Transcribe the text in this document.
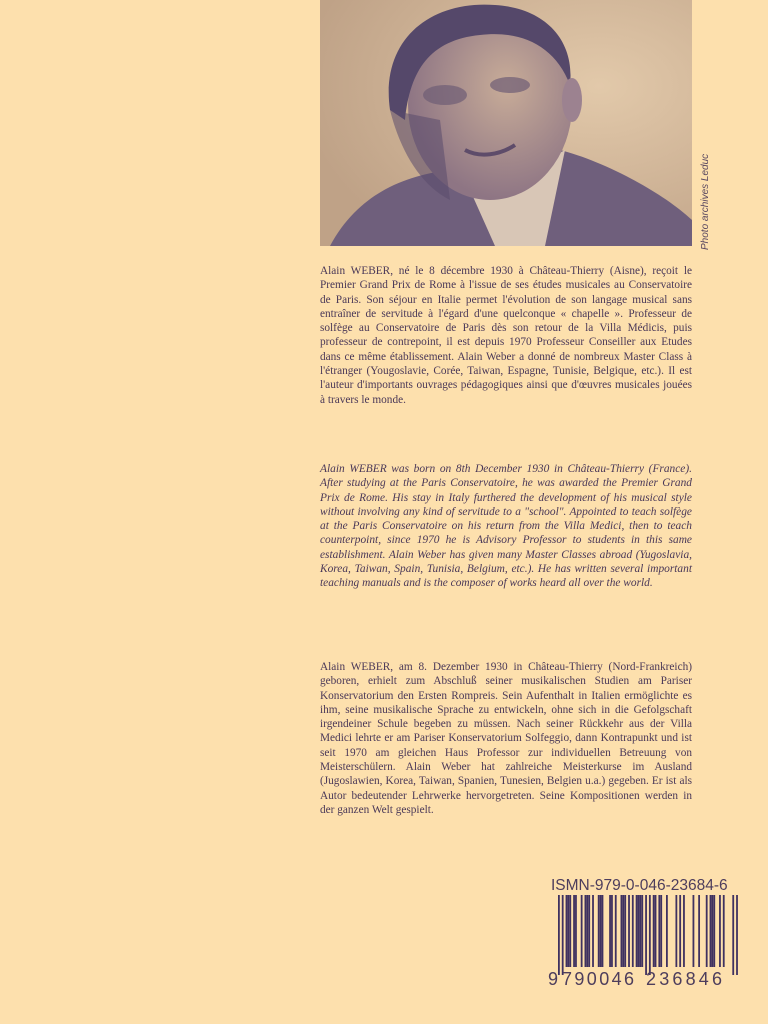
Photo archives Leduc

Alain WEBER, né le 8 décembre 1930 à Château-Thierry (Aisne), reçoit le Premier Grand Prix de Rome à l'issue de ses études musicales au Conservatoire de Paris. Son séjour en Italie permet l'évolution de son langage musical sans entraîner de servitude à l'égard d'une quelconque « chapelle ». Professeur de solfège au Conservatoire de Paris dès son retour de la Villa Médicis, puis professeur de contrepoint, il est depuis 1970 Professeur Conseiller aux Etudes dans ce même établissement. Alain Weber a donné de nombreux Master Class à l'étranger (Yougoslavie, Corée, Taiwan, Espagne, Tunisie, Belgique, etc.). Il est l'auteur d'importants ouvrages pédagogiques ainsi que d'œuvres musicales jouées à travers le monde.

Alain WEBER was born on 8th December 1930 in Château-Thierry (France). After studying at the Paris Conservatoire, he was awarded the Premier Grand Prix de Rome. His stay in Italy furthered the development of his musical style without involving any kind of servitude to a "school". Appointed to teach solfège at the Paris Conservatoire on his return from the Villa Medici, then to teach counterpoint, since 1970 he is Advisory Professor to students in this same establishment. Alain Weber has given many Master Classes abroad (Yugoslavia, Korea, Taiwan, Spain, Tunisia, Belgium, etc.). He has written several important teaching manuals and is the composer of works heard all over the world.

Alain WEBER, am 8. Dezember 1930 in Château-Thierry (Nord-Frankreich) geboren, erhielt zum Abschluß seiner musikalischen Studien am Pariser Konservatorium den Ersten Rompreis. Sein Aufenthalt in Italien ermöglichte es ihm, seine musikalische Sprache zu entwickeln, ohne sich in die Gefolgschaft irgendeiner Schule begeben zu müssen. Nach seiner Rückkehr aus der Villa Medici lehrte er am Pariser Konservatorium Solfeggio, dann Kontrapunkt und ist seit 1970 am gleichen Haus Professor zur individuellen Betreuung von Meisterschülern. Alain Weber hat zahlreiche Meisterkurse im Ausland (Jugoslawien, Korea, Taiwan, Spanien, Tunesien, Belgien u.a.) gegeben. Er ist als Autor bedeutender Lehrwerke hervorgetreten. Seine Kompositionen werden in der ganzen Welt gespielt.

ISMN-979-0-046-23684-6
9 790046 236846
